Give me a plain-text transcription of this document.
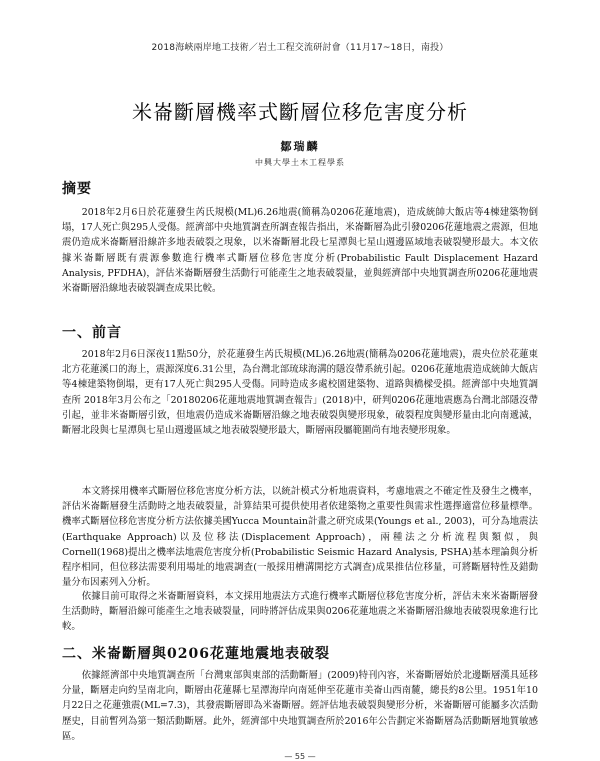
2018海峽兩岸地工技術／岩土工程交流研討會（11月17~18日，南投）
米崙斷層機率式斷層位移危害度分析
鄒瑞麟
中興大學土木工程學系
摘要

2018年2月6日於花蓮發生芮氏規模(ML)6.26地震(簡稱為0206花蓮地震)，造成統帥大飯店等4棟建築物倒塌，17人死亡與295人受傷。經濟部中央地質調查所調查報告指出，米崙斷層為此引發0206花蓮地震之震源，但地震仍造成米崙斷層沿線許多地表破裂之現象，以米崙斷層北段七星潭與七星山週邊區域地表破裂變形最大。本文依據米崙斷層既有震源參數進行機率式斷層位移危害度分析(Probabilistic Fault Displacement Hazard Analysis, PFDHA)，評估米崙斷層發生活動行可能產生之地表破裂量，並與經濟部中央地質調查所0206花蓮地震米崙斷層沿線地表破裂調查成果比較。

一、前言

2018年2月6日深夜11點50分，於花蓮發生芮氏規模(ML)6.26地震(簡稱為0206花蓮地震)，震央位於花蓮東北方花蓮溪口的海上，震源深度6.31公里，為台灣北部琉球海溝的隱沒帶系統引起。0206花蓮地震造成統帥大飯店等4棟建築物倒塌，更有17人死亡與295人受傷。同時造成多處校園建築物、道路與橋樑受損。經濟部中央地質調查所 2018年3月公布之「20180206花蓮地震地質調查報告」(2018)中，研判0206花蓮地震應為台灣北部隱沒帶引起，並非米崙斷層引致，但地震仍造成米崙斷層沿線之地表破裂與變形現象，破裂程度與變形量由北向南遞減，斷層北段與七星潭與七星山週邊區域之地表破裂變形最大，斷層兩段屬範圍尚有地表變形現象。

本文將採用機率式斷層位移危害度分析方法，以統計模式分析地震資料，考慮地震之不確定性及發生之機率，評估米崙斷層發生活動時之地表破裂量，計算結果可提供使用者依建築物之重要性與需求性選擇適當位移量標準。機率式斷層位移危害度分析方法依據美國Yucca Mountain計畫之研究成果(Youngs et al., 2003)，可分為地震法(Earthquake Approach)以及位移法(Displacement Approach)，兩種法之分析流程與類似，與Cornell(1968)提出之機率法地震危害度分析(Probabilistic Seismic Hazard Analysis, PSHA)基本理論與分析程序相同，但位移法需要利用場址的地震調查(一般採用槽溝開挖方式調查)成果推估位移量，可將斷層特性及錯動量分布因素列入分析。

依據目前可取得之米崙斷層資料，本文採用地震法方式進行機率式斷層位移危害度分析，評估未來米崙斷層發生活動時，斷層沿線可能產生之地表破裂量，同時將評估成果與0206花蓮地震之米崙斷層沿線地表破裂現象進行比較。

二、米崙斷層與0206花蓮地震地表破裂

依據經濟部中央地質調查所「台灣東部與東部的活動斷層」(2009)特刊內容，米崙斷層始於北邊斷層漢具延移分量，斷層走向約呈南北向，斷層由花蓮縣七星潭海岸向南延伸至花蓮市美崙山西南麓，總長約8公里。1951年10月22日之花蓮強震(ML=7.3)，其發震斷層即為米崙斷層。經評估地表破裂與變形分析，米崙斷層可能屬多次活動歷史，目前暫列為第一類活動斷層。此外，經濟部中央地質調查所於2016年公告劃定米崙斷層為活動斷層地質敏感區。

— 55 —
